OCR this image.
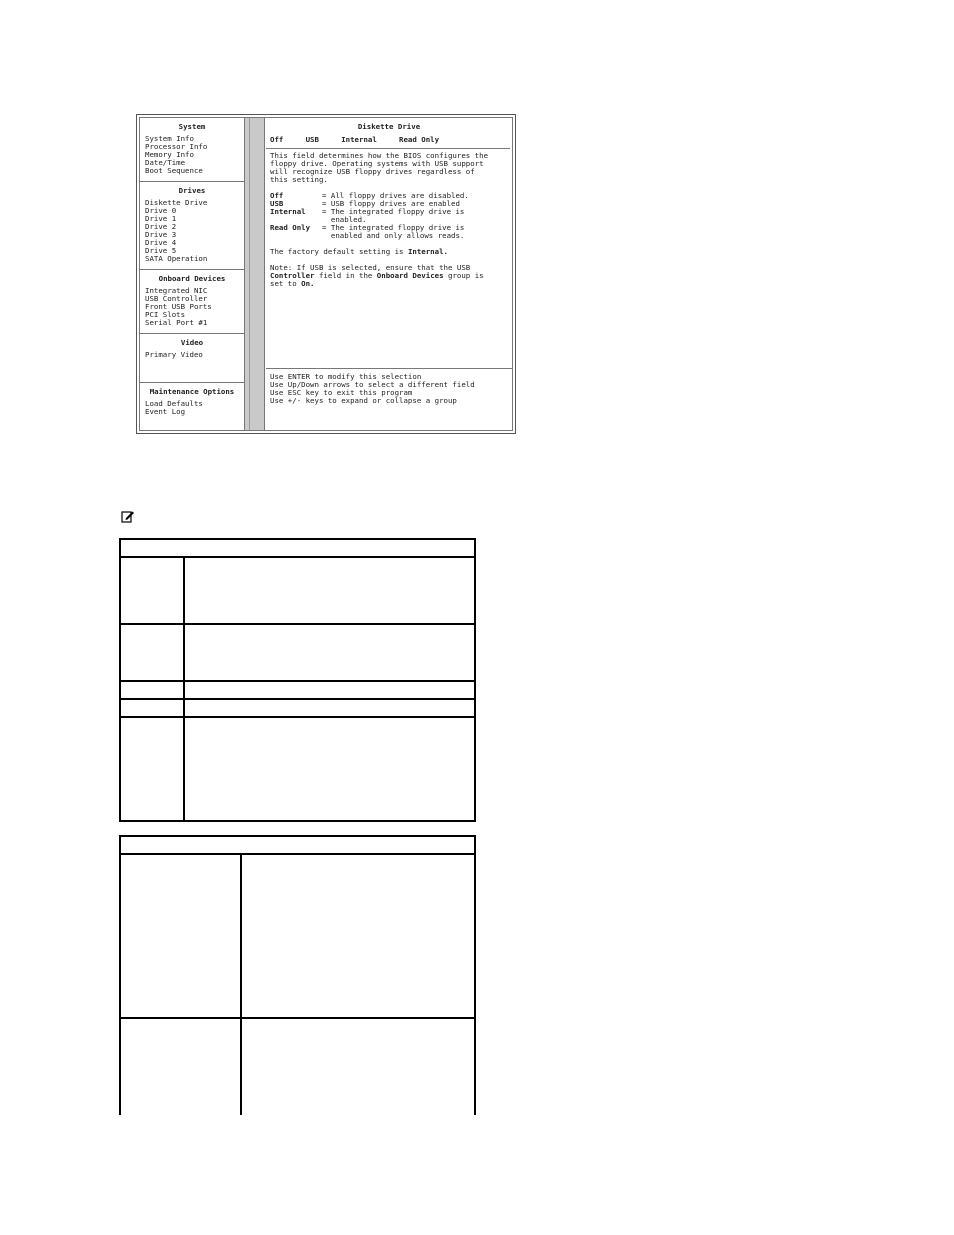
System
System Info
Processor Info
Memory Info
Date/Time
Boot Sequence
Drives
Diskette Drive
Drive 0
Drive 1
Drive 2
Drive 3
Drive 4
Drive 5
SATA Operation
Onboard Devices
Integrated NIC
USB Controller
Front USB Ports
PCI Slots
Serial Port #1
Video
Primary Video
Maintenance Options
Load Defaults
Event Log
Diskette Drive
Off     USB     Internal     Read Only
This field determines how the BIOS configures the
floppy drive. Operating systems with USB support
will recognize USB floppy drives regardless of
this setting.
Off	= All floppy drives are disabled.
USB	= USB floppy drives are enabled
Internal = The integrated floppy drive is
enabled.
Read Only = The integrated floppy drive is
enabled and only allows reads.
The factory default setting is Internal.
Note: If USB is selected, ensure that the USB
Controller field in the Onboard Devices group is
set to On.
Use ENTER to modify this selection
Use Up/Down arrows to select a different field
Use ESC key to exit this program
Use +/- keys to expand or collapse a group
